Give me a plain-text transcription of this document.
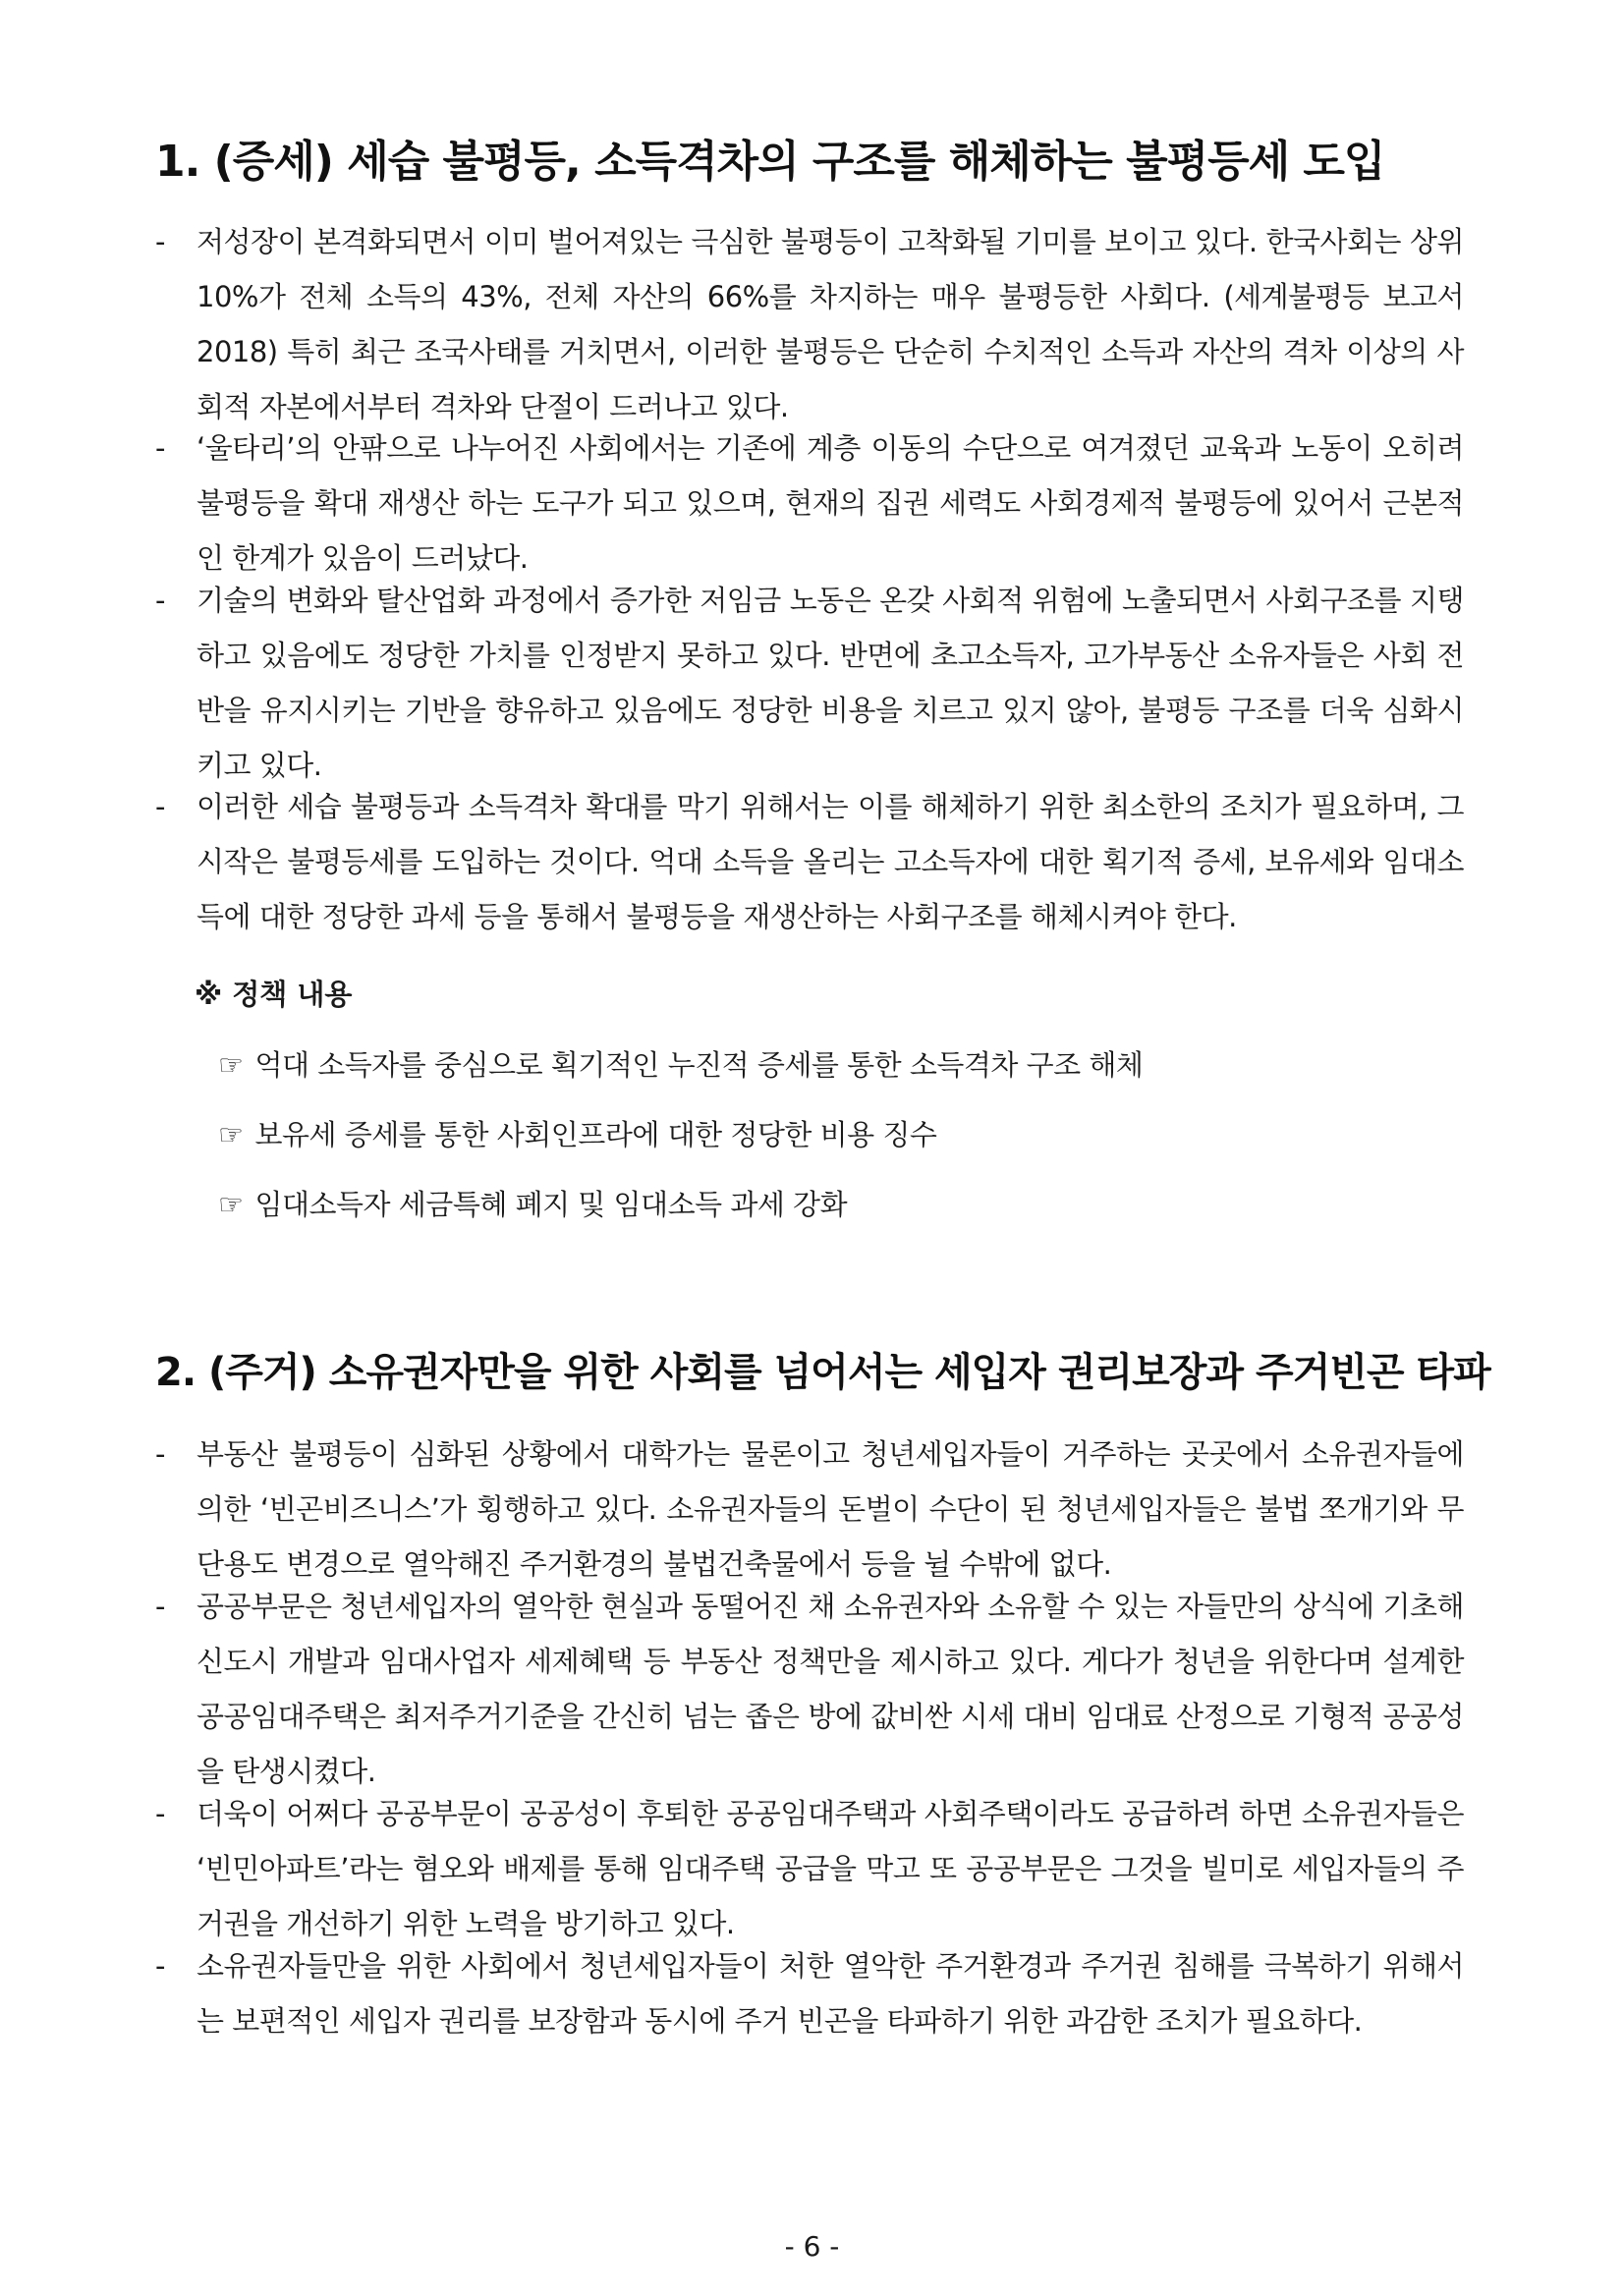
1. (증세) 세습 불평등, 소득격차의 구조를 해체하는 불평등세 도입

- 저성장이 본격화되면서 이미 벌어져있는 극심한 불평등이 고착화될 기미를 보이고 있다. 한국사회는 상위 10%가 전체 소득의 43%, 전체 자산의 66%를 차지하는 매우 불평등한 사회다. (세계불평등 보고서 2018) 특히 최근 조국사태를 거치면서, 이러한 불평등은 단순히 수치적인 소득과 자산의 격차 이상의 사회적 자본에서부터 격차와 단절이 드러나고 있다.

- ‘울타리’의 안팎으로 나누어진 사회에서는 기존에 계층 이동의 수단으로 여겨졌던 교육과 노동이 오히려 불평등을 확대 재생산 하는 도구가 되고 있으며, 현재의 집권 세력도 사회경제적 불평등에 있어서 근본적인 한계가 있음이 드러났다.

- 기술의 변화와 탈산업화 과정에서 증가한 저임금 노동은 온갖 사회적 위험에 노출되면서 사회구조를 지탱하고 있음에도 정당한 가치를 인정받지 못하고 있다. 반면에 초고소득자, 고가부동산 소유자들은 사회 전반을 유지시키는 기반을 향유하고 있음에도 정당한 비용을 치르고 있지 않아, 불평등 구조를 더욱 심화시키고 있다.

- 이러한 세습 불평등과 소득격차 확대를 막기 위해서는 이를 해체하기 위한 최소한의 조치가 필요하며, 그 시작은 불평등세를 도입하는 것이다. 억대 소득을 올리는 고소득자에 대한 획기적 증세, 보유세와 임대소득에 대한 정당한 과세 등을 통해서 불평등을 재생산하는 사회구조를 해체시켜야 한다.

※ 정책 내용

☞ 억대 소득자를 중심으로 획기적인 누진적 증세를 통한 소득격차 구조 해체

☞ 보유세 증세를 통한 사회인프라에 대한 정당한 비용 징수

☞ 임대소득자 세금특혜 폐지 및 임대소득 과세 강화

2. (주거) 소유권자만을 위한 사회를 넘어서는 세입자 권리보장과 주거빈곤 타파

- 부동산 불평등이 심화된 상황에서 대학가는 물론이고 청년세입자들이 거주하는 곳곳에서 소유권자들에 의한 ‘빈곤비즈니스’가 횡행하고 있다. 소유권자들의 돈벌이 수단이 된 청년세입자들은 불법 쪼개기와 무단용도 변경으로 열악해진 주거환경의 불법건축물에서 등을 뉠 수밖에 없다.

- 공공부문은 청년세입자의 열악한 현실과 동떨어진 채 소유권자와 소유할 수 있는 자들만의 상식에 기초해 신도시 개발과 임대사업자 세제혜택 등 부동산 정책만을 제시하고 있다. 게다가 청년을 위한다며 설계한 공공임대주택은 최저주거기준을 간신히 넘는 좁은 방에 값비싼 시세 대비 임대료 산정으로 기형적 공공성을 탄생시켰다.

- 더욱이 어쩌다 공공부문이 공공성이 후퇴한 공공임대주택과 사회주택이라도 공급하려 하면 소유권자들은 ‘빈민아파트’라는 혐오와 배제를 통해 임대주택 공급을 막고 또 공공부문은 그것을 빌미로 세입자들의 주거권을 개선하기 위한 노력을 방기하고 있다.

- 소유권자들만을 위한 사회에서 청년세입자들이 처한 열악한 주거환경과 주거권 침해를 극복하기 위해서는 보편적인 세입자 권리를 보장함과 동시에 주거 빈곤을 타파하기 위한 과감한 조치가 필요하다.

- 6 -
